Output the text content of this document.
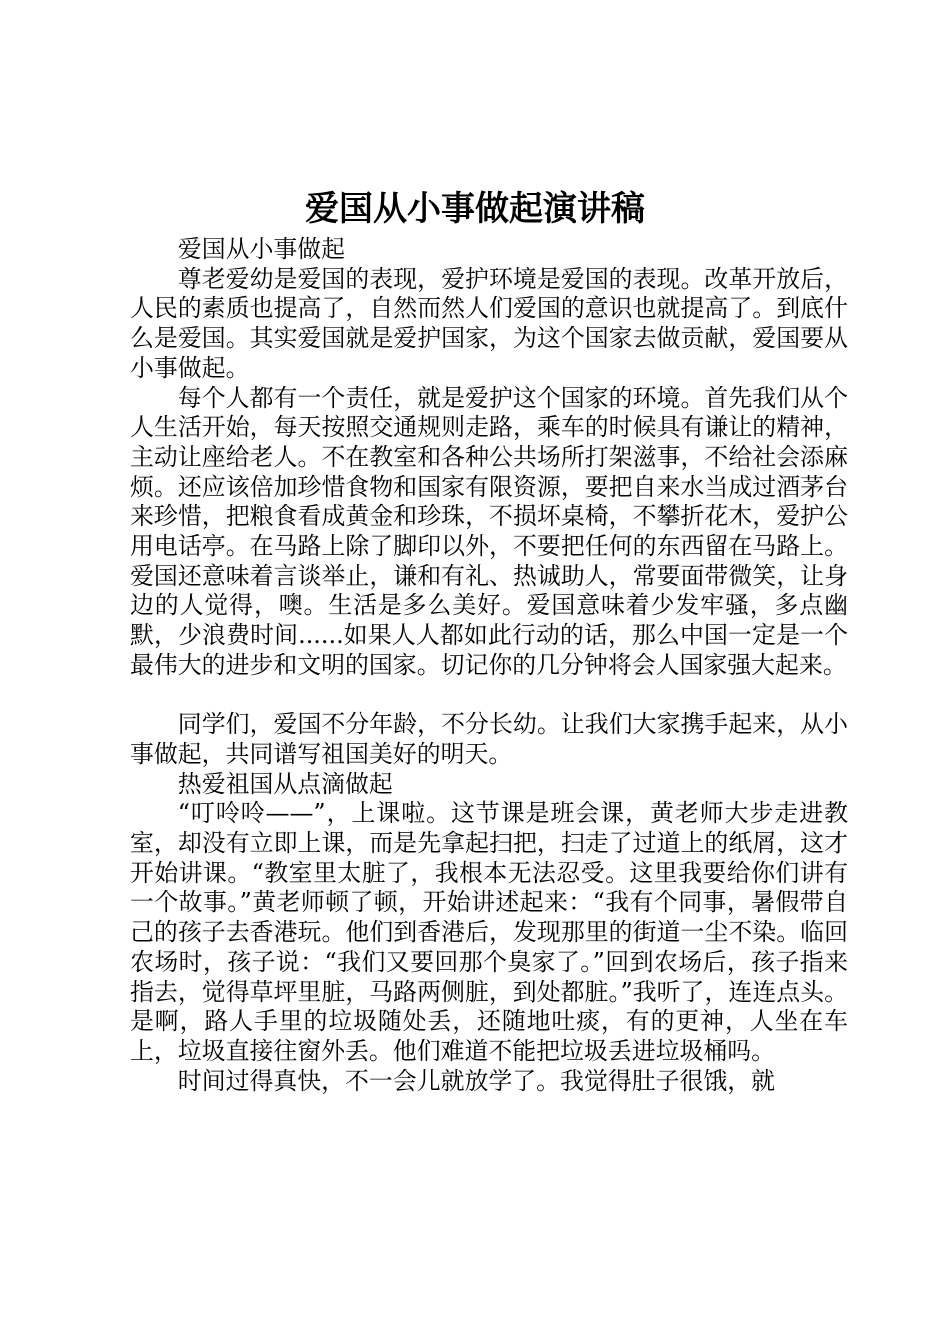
爱国从小事做起演讲稿

爱国从小事做起

尊老爱幼是爱国的表现，爱护环境是爱国的表现。改革开放后，人民的素质也提高了，自然而然人们爱国的意识也就提高了。到底什么是爱国。其实爱国就是爱护国家，为这个国家去做贡献，爱国要从小事做起。

每个人都有一个责任，就是爱护这个国家的环境。首先我们从个人生活开始，每天按照交通规则走路，乘车的时候具有谦让的精神，主动让座给老人。不在教室和各种公共场所打架滋事，不给社会添麻烦。还应该倍加珍惜食物和国家有限资源，要把自来水当成过酒茅台来珍惜，把粮食看成黄金和珍珠，不损坏桌椅，不攀折花木，爱护公用电话亭。在马路上除了脚印以外，不要把任何的东西留在马路上。爱国还意味着言谈举止，谦和有礼、热诚助人，常要面带微笑，让身边的人觉得，噢。生活是多么美好。爱国意味着少发牢骚，多点幽默，少浪费时间......如果人人都如此行动的话，那么中国一定是一个最伟大的进步和文明的国家。切记你的几分钟将会人国家强大起来。

同学们，爱国不分年龄，不分长幼。让我们大家携手起来，从小事做起，共同谱写祖国美好的明天。

热爱祖国从点滴做起

“叮呤呤——”，上课啦。这节课是班会课，黄老师大步走进教室，却没有立即上课，而是先拿起扫把，扫走了过道上的纸屑，这才开始讲课。“教室里太脏了，我根本无法忍受。这里我要给你们讲有一个故事。”黄老师顿了顿，开始讲述起来：“我有个同事，暑假带自己的孩子去香港玩。他们到香港后，发现那里的街道一尘不染。临回农场时，孩子说：“我们又要回那个臭家了。”回到农场后，孩子指来指去，觉得草坪里脏，马路两侧脏，到处都脏。”我听了，连连点头。是啊，路人手里的垃圾随处丢，还随地吐痰，有的更神，人坐在车上，垃圾直接往窗外丢。他们难道不能把垃圾丢进垃圾桶吗。

时间过得真快，不一会儿就放学了。我觉得肚子很饿，就
